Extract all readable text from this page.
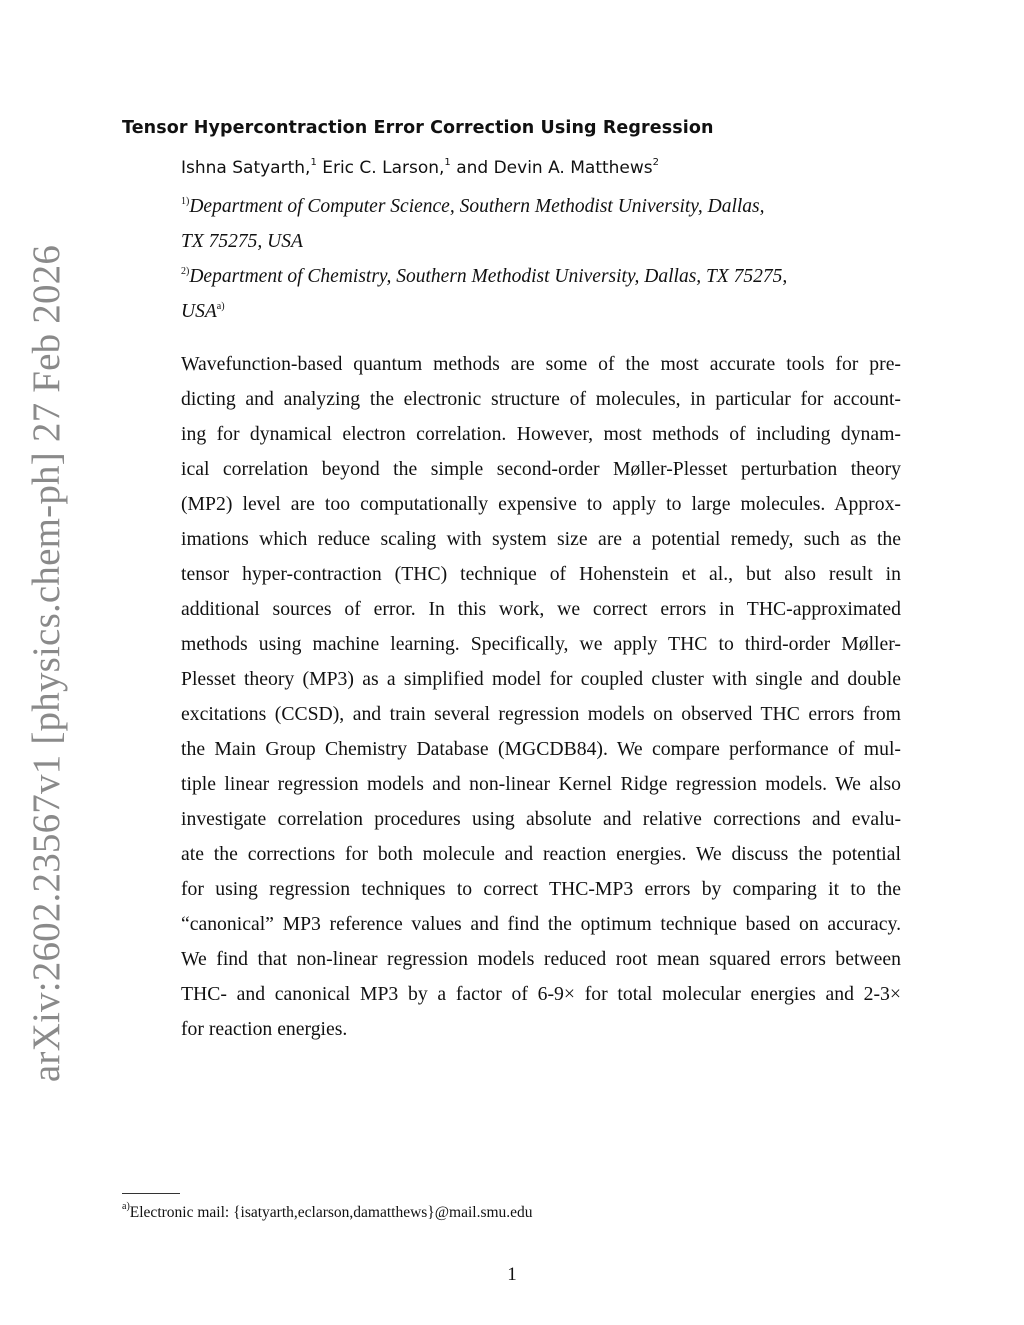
arXiv:2602.23567v1 [physics.chem-ph] 27 Feb 2026
Tensor Hypercontraction Error Correction Using Regression
Ishna Satyarth,$^1$ Eric C. Larson,$^1$ and Devin A. Matthews$^2$
$^{1)}$Department of Computer Science, Southern Methodist University, Dallas,
TX 75275, USA
$^{2)}$Department of Chemistry, Southern Methodist University, Dallas, TX 75275,
USA$^{a)}$
Wavefunction-based quantum methods are some of the most accurate tools for pre-
dicting and analyzing the electronic structure of molecules, in particular for account-
ing for dynamical electron correlation. However, most methods of including dynam-
ical correlation beyond the simple second-order Møller-Plesset perturbation theory
(MP2) level are too computationally expensive to apply to large molecules. Approx-
imations which reduce scaling with system size are a potential remedy, such as the
tensor hyper-contraction (THC) technique of Hohenstein et al., but also result in
additional sources of error. In this work, we correct errors in THC-approximated
methods using machine learning. Specifically, we apply THC to third-order Møller-
Plesset theory (MP3) as a simplified model for coupled cluster with single and double
excitations (CCSD), and train several regression models on observed THC errors from
the Main Group Chemistry Database (MGCDB84). We compare performance of mul-
tiple linear regression models and non-linear Kernel Ridge regression models. We also
investigate correlation procedures using absolute and relative corrections and evalu-
ate the corrections for both molecule and reaction energies. We discuss the potential
for using regression techniques to correct THC-MP3 errors by comparing it to the
“canonical” MP3 reference values and find the optimum technique based on accuracy.
We find that non-linear regression models reduced root mean squared errors between
THC- and canonical MP3 by a factor of 6-9× for total molecular energies and 2-3×
for reaction energies.
$^{a)}$Electronic mail: {isatyarth,eclarson,damatthews}@mail.smu.edu
1
